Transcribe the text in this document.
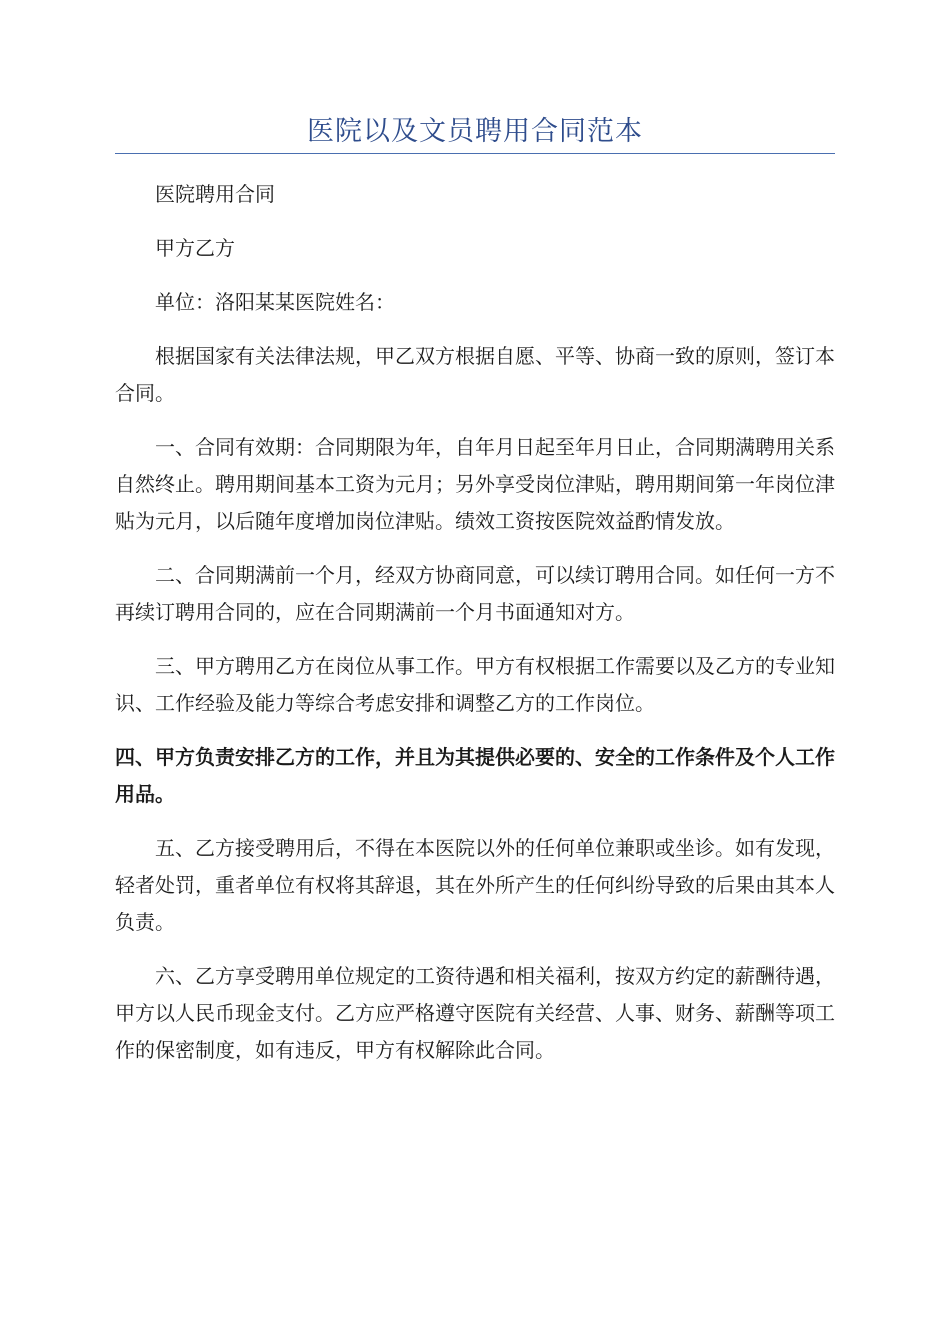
医院以及文员聘用合同范本

医院聘用合同

甲方乙方

单位：洛阳某某医院姓名：

根据国家有关法律法规，甲乙双方根据自愿、平等、协商一致的原则，签订本合同。

一、合同有效期：合同期限为年，自年月日起至年月日止，合同期满聘用关系自然终止。聘用期间基本工资为元月；另外享受岗位津贴，聘用期间第一年岗位津贴为元月，以后随年度增加岗位津贴。绩效工资按医院效益酌情发放。

二、合同期满前一个月，经双方协商同意，可以续订聘用合同。如任何一方不再续订聘用合同的，应在合同期满前一个月书面通知对方。

三、甲方聘用乙方在岗位从事工作。甲方有权根据工作需要以及乙方的专业知识、工作经验及能力等综合考虑安排和调整乙方的工作岗位。

四、甲方负责安排乙方的工作，并且为其提供必要的、安全的工作条件及个人工作用品。

五、乙方接受聘用后，不得在本医院以外的任何单位兼职或坐诊。如有发现，轻者处罚，重者单位有权将其辞退，其在外所产生的任何纠纷导致的后果由其本人负责。

六、乙方享受聘用单位规定的工资待遇和相关福利，按双方约定的薪酬待遇，甲方以人民币现金支付。乙方应严格遵守医院有关经营、人事、财务、薪酬等项工作的保密制度，如有违反，甲方有权解除此合同。
